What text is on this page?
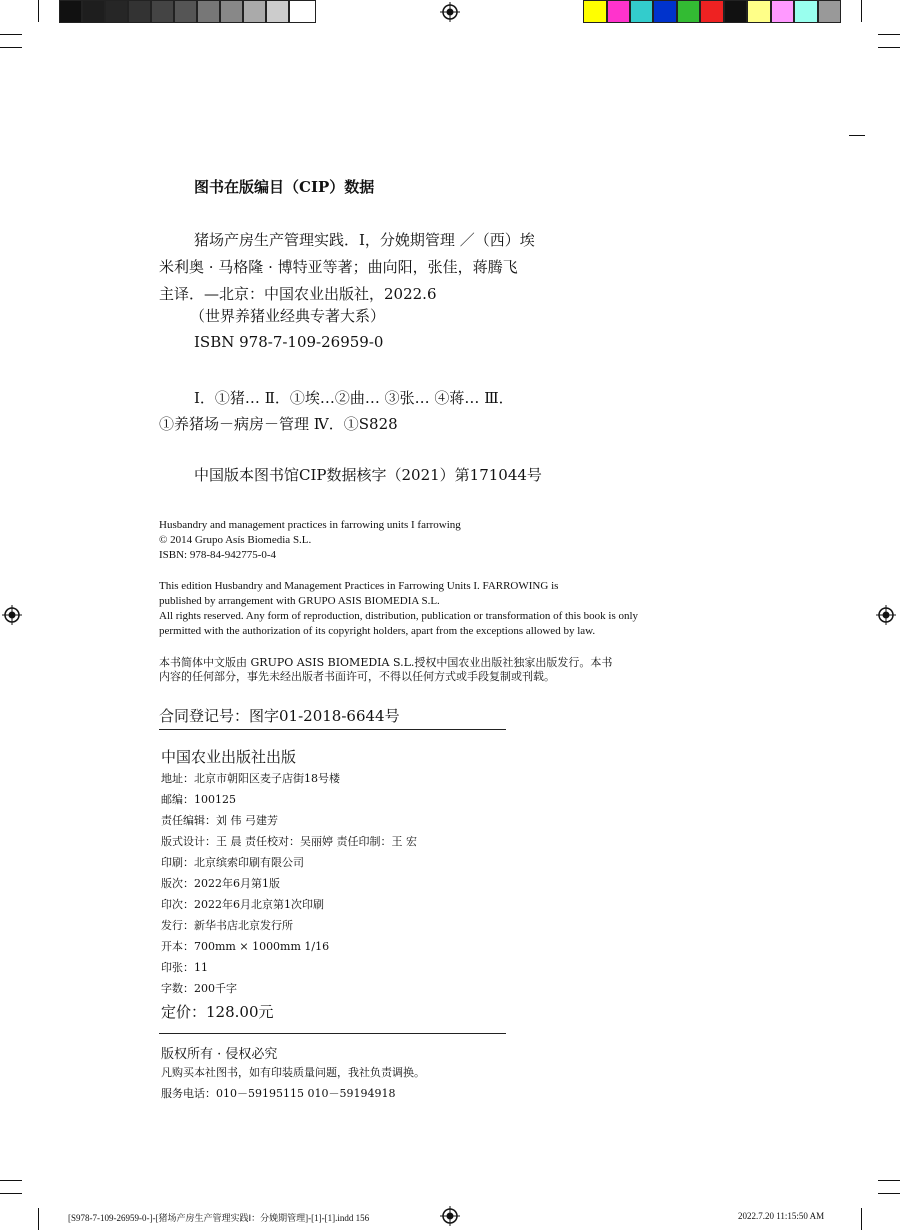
图书在版编目（CIP）数据
猪场产房生产管理实践．Ⅰ，分娩期管理 ／（西）埃
米利奥 · 马格隆 · 博特亚等著；曲向阳，张佳，蒋腾飞
主译．—北京：中国农业出版社，2022.6
（世界养猪业经典专著大系）
ISBN 978-7-109-26959-0
Ⅰ．①猪… Ⅱ．①埃…②曲… ③张… ④蒋… Ⅲ．
①养猪场－病房－管理 Ⅳ．①S828
中国版本图书馆CIP数据核字（2021）第171044号
Husbandry and management practices in farrowing units I farrowing
© 2014 Grupo Asís Biomedia S.L.
ISBN: 978-84-942775-0-4
This edition Husbandry and Management Practices in Farrowing Units I. FARROWING is
published by arrangement with GRUPO ASIS BIOMEDIA S.L.
All rights reserved. Any form of reproduction, distribution, publication or transformation of this book is only
permitted with the authorization of its copyright holders, apart from the exceptions allowed by law.
本书简体中文版由 GRUPO ASIS BIOMEDIA S.L.授权中国农业出版社独家出版发行。本书
内容的任何部分，事先未经出版者书面许可，不得以任何方式或手段复制或刊载。
合同登记号：图字01-2018-6644号
中国农业出版社出版
地址：北京市朝阳区麦子店街18号楼
邮编：100125
责任编辑：刘 伟 弓建芳
版式设计：王 晨 责任校对：吴丽婷 责任印制：王 宏
印刷：北京缤索印刷有限公司
版次：2022年6月第1版
印次：2022年6月北京第1次印刷
发行：新华书店北京发行所
开本：700mm × 1000mm 1/16
印张：11
字数：200千字
定价：128.00元
版权所有 · 侵权必究
凡购买本社图书，如有印装质量问题，我社负责调换。
服务电话：010－59195115 010－59194918
[S978-7-109-26959-0-]-[猪场产房生产管理实践Ⅰ：分娩期管理]-[1]-[1].indd 156	2022.7.20 11:15:50 AM
